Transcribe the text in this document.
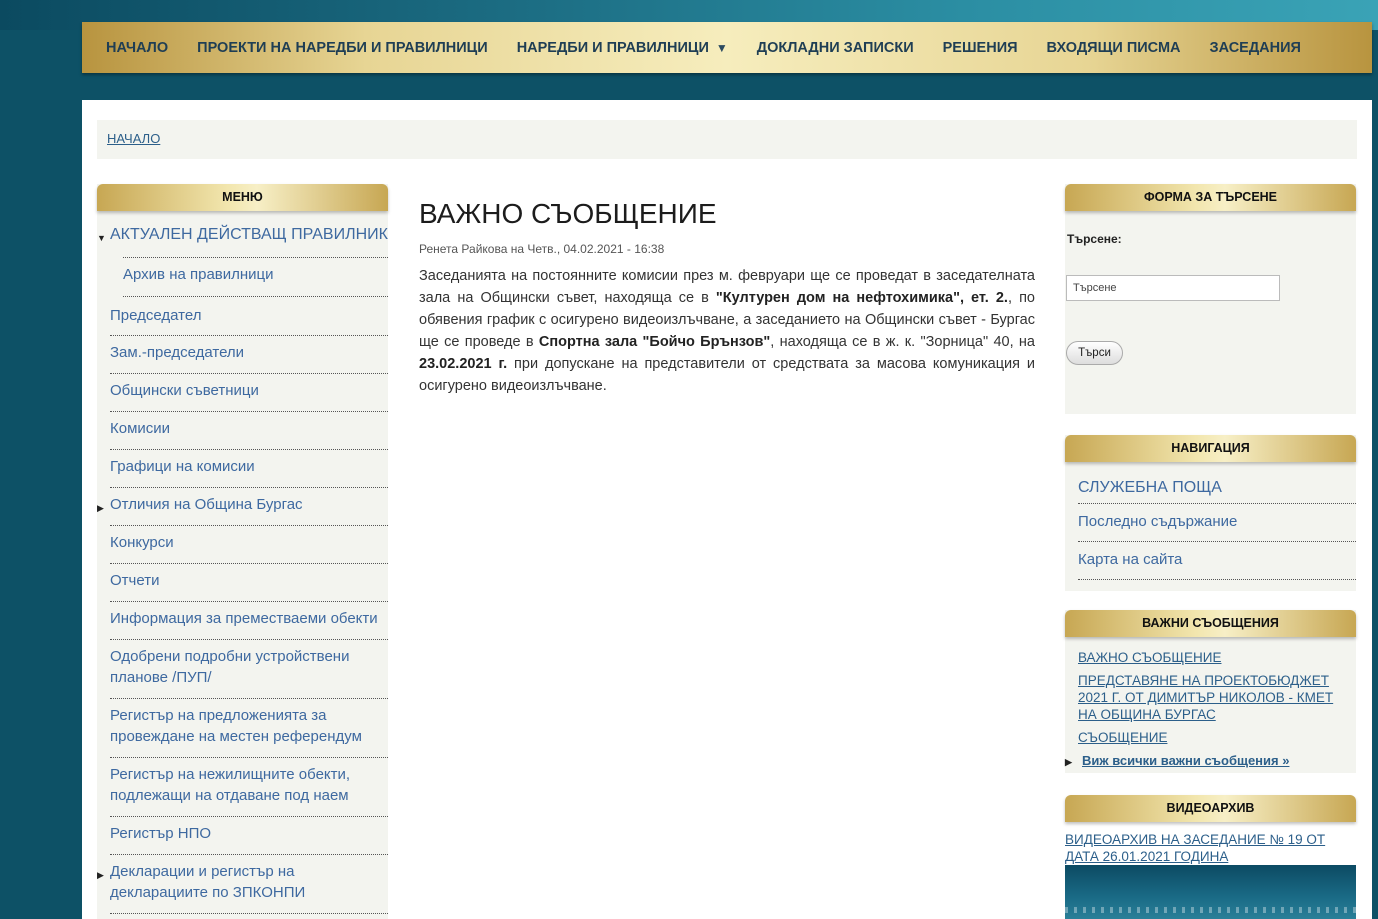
НАЧАЛО ПРОЕКТИ НА НАРЕДБИ И ПРАВИЛНИЦИ НАРЕДБИ И ПРАВИЛНИЦИ ▼ ДОКЛАДНИ ЗАПИСКИ РЕШЕНИЯ ВХОДЯЩИ ПИСМА ЗАСЕДАНИЯ
НАЧАЛО
МЕНЮ
▼ АКТУАЛЕН ДЕЙСТВАЩ ПРАВИЛНИК
Архив на правилници
Председател
Зам.-председатели
Общински съветници
Комисии
Графици на комисии
▶ Отличия на Община Бургас
Конкурси
Отчети
Информация за преместваеми обекти
Одобрени подробни устройствени планове /ПУП/
Регистър на предложенията за провеждане на местен референдум
Регистър на нежилищните обекти, подлежащи на отдаване под наем
Регистър НПО
▶ Декларации и регистър на декларациите по ЗПКОНПИ
ВАЖНО СЪОБЩЕНИЕ
Ренета Райкова на Четв., 04.02.2021 - 16:38

Заседанията на постоянните комисии през м. февруари ще се проведат в заседателната зала на Общински съвет, находяща се в "Културен дом на нефтохимика", ет. 2., по обявения график с осигурено видеоизлъчване, а заседанието на Общински съвет - Бургас ще се проведе в Спортна зала "Бойчо Брънзов", находяща се в ж. к. "Зорница" 40, на 23.02.2021 г. при допускане на представители от средствата за масова комуникация и осигурено видеоизлъчване.

ФОРМА ЗА ТЪРСЕНЕ
Търсене:
Търсене
Търси
НАВИГАЦИЯ
СЛУЖЕБНА ПОЩА
Последно съдържание
Карта на сайта
ВАЖНИ СЪОБЩЕНИЯ
ВАЖНО СЪОБЩЕНИЕ
ПРЕДСТАВЯНЕ НА ПРОЕКТОБЮДЖЕТ 2021 Г. ОТ ДИМИТЪР НИКОЛОВ - КМЕТ НА ОБЩИНА БУРГАС
СЪОБЩЕНИЕ
▶ Виж всички важни съобщения »
ВИДЕОАРХИВ
ВИДЕОАРХИВ НА ЗАСЕДАНИЕ № 19 ОТ ДАТА 26.01.2021 ГОДИНА
